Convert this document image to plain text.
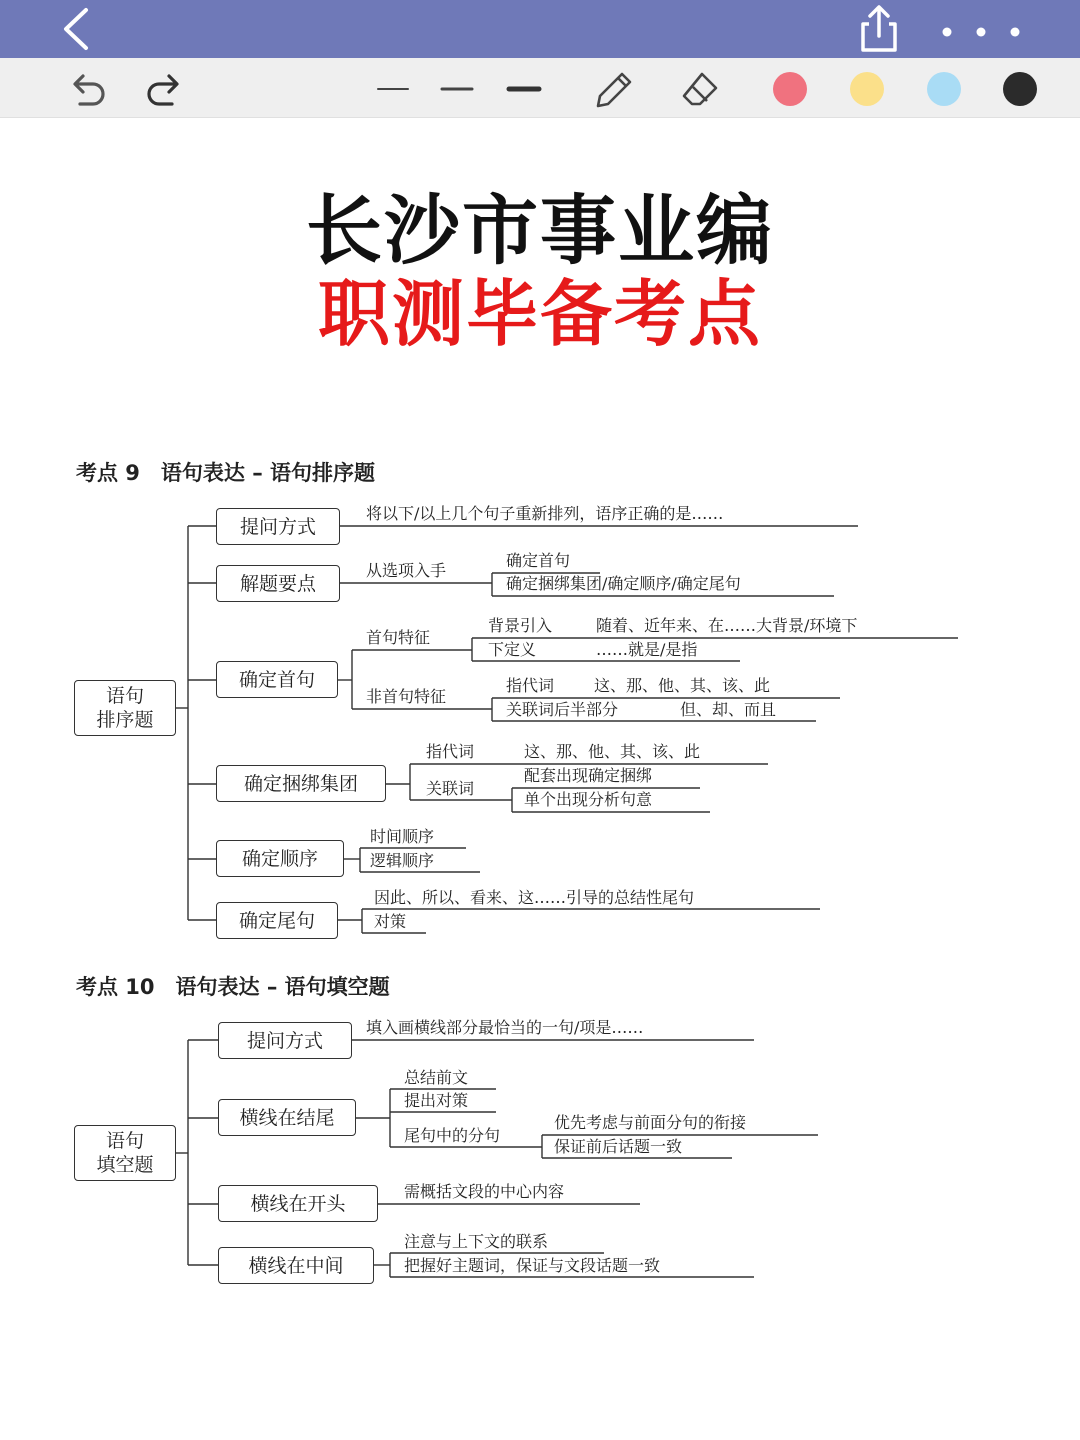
长沙市事业编
职测毕备考点
考点 9　语句表达 – 语句排序题
语句
排序题
提问方式
将以下/以上几个句子重新排列，语序正确的是……
解题要点
从选项入手
确定首句
确定捆绑集团/确定顺序/确定尾句
确定首句
首句特征
背景引入	随着、近年来、在……大背景/环境下
下定义	……就是/是指
非首句特征
指代词 这、那、他、其、该、此
关联词后半部分	但、却、而且
确定捆绑集团
指代词	这、那、他、其、该、此
关联词
配套出现确定捆绑
单个出现分析句意
确定顺序
时间顺序
逻辑顺序
确定尾句
因此、所以、看来、这……引导的总结性尾句
对策
考点 10　语句表达 – 语句填空题
语句
填空题
提问方式
填入画横线部分最恰当的一句/项是……
横线在结尾
总结前文
提出对策
尾句中的分句
优先考虑与前面分句的衔接
保证前后话题一致
横线在开头
需概括文段的中心内容
横线在中间
注意与上下文的联系
把握好主题词，保证与文段话题一致
